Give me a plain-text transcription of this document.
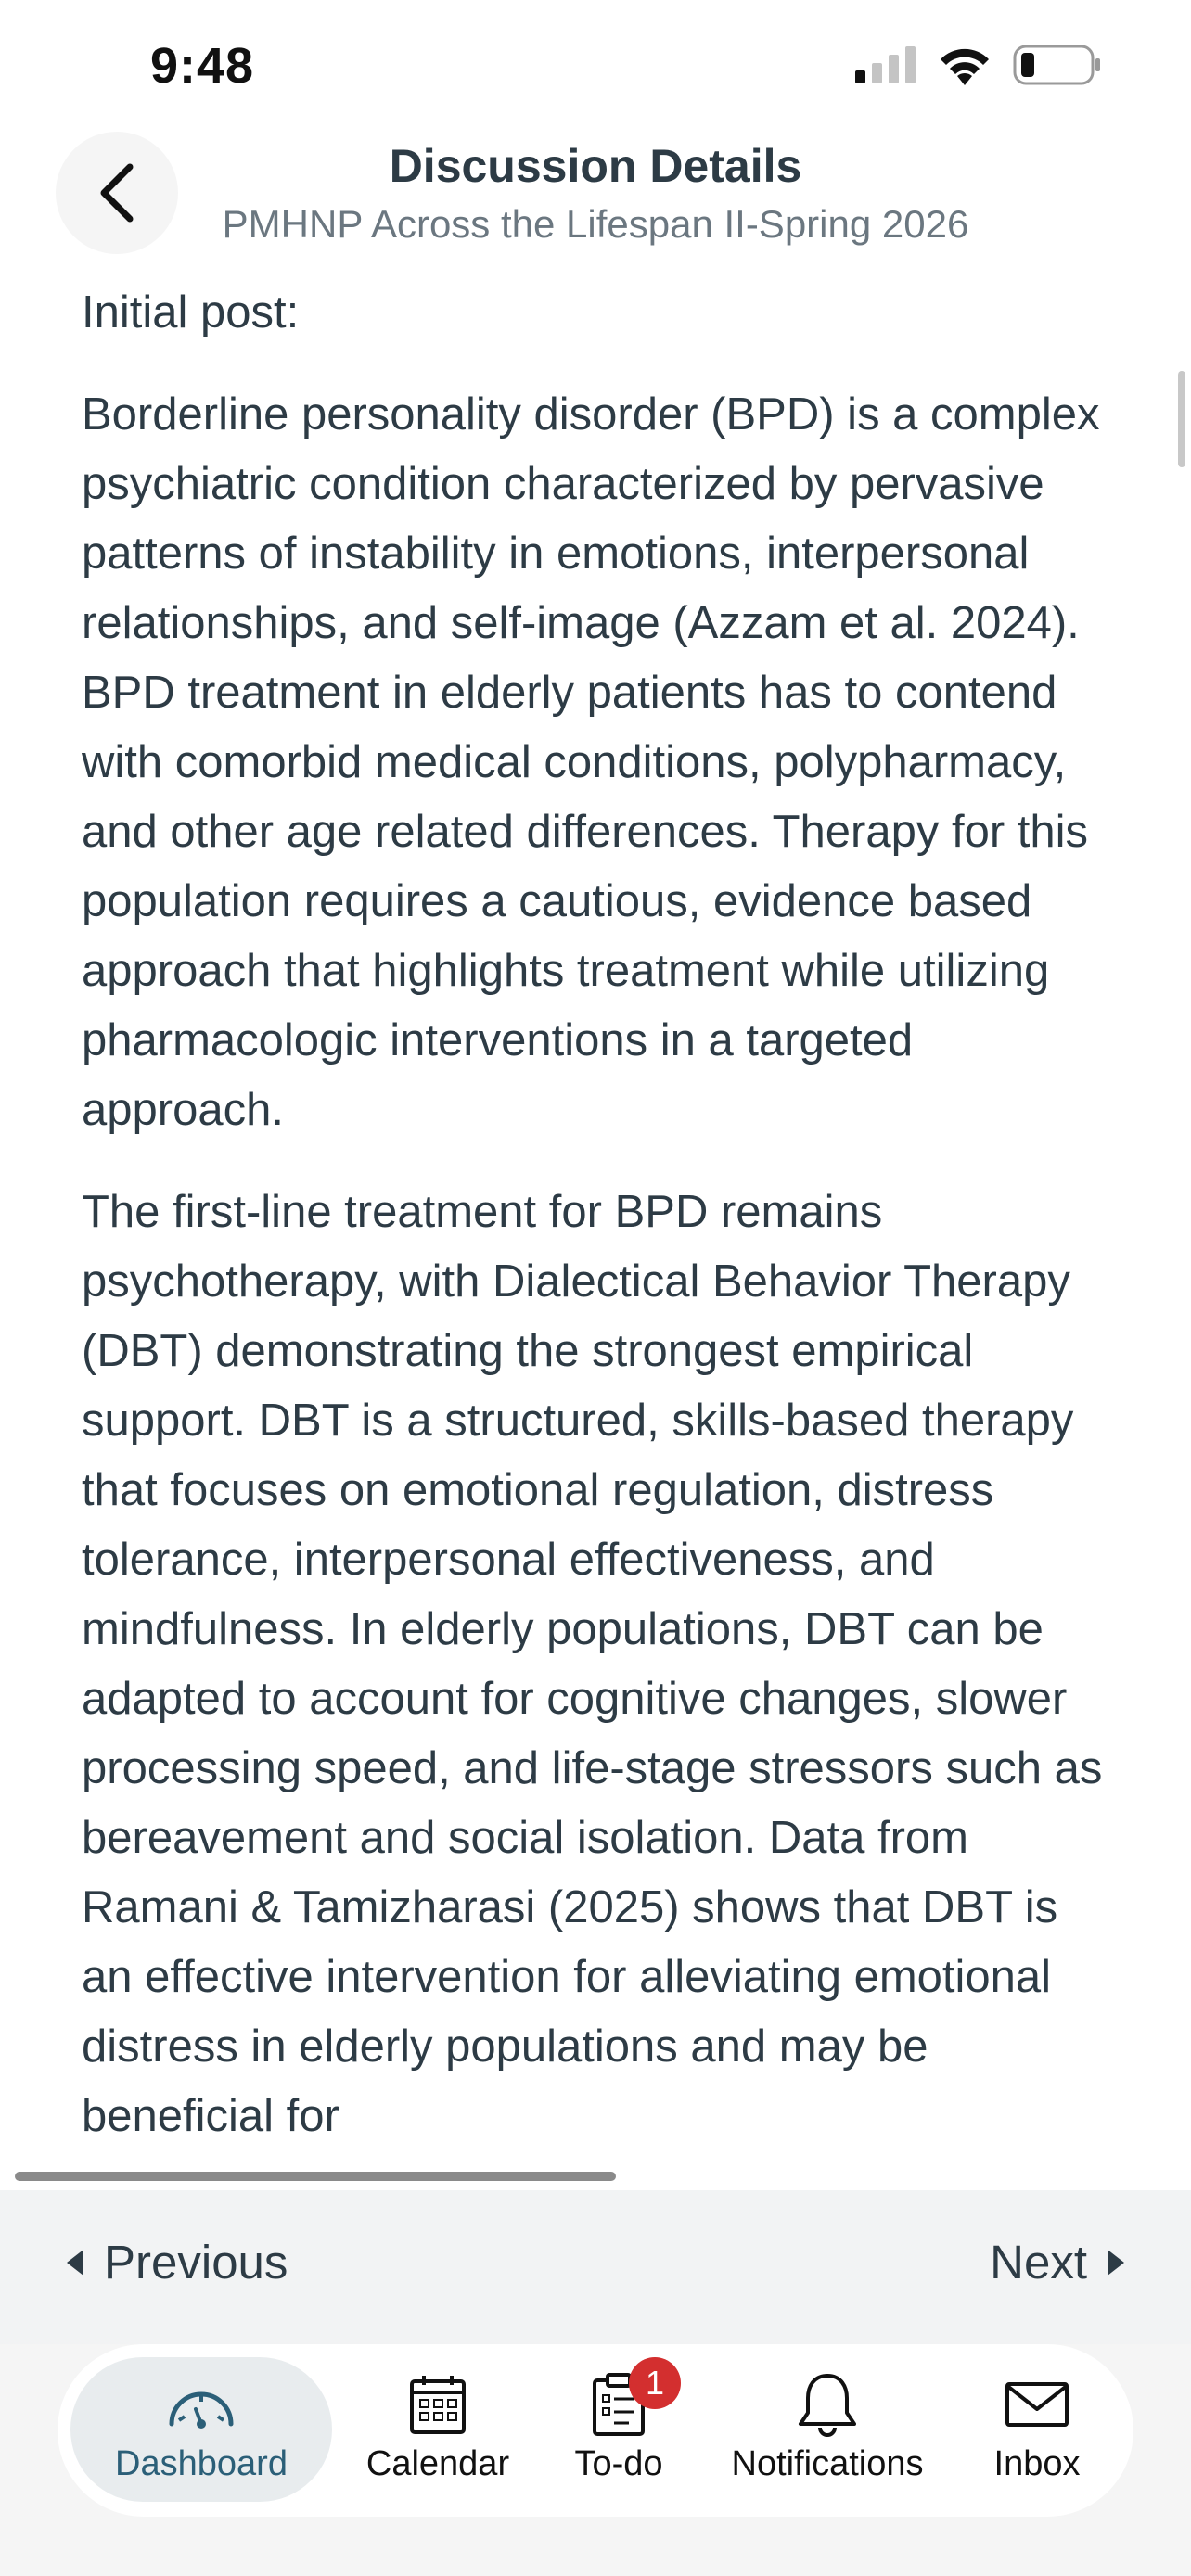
9:48
Discussion Details
PMHNP Across the Lifespan II-Spring 2026

Initial post:

Borderline personality disorder (BPD) is a complex psychiatric condition characterized by pervasive patterns of instability in emotions, interpersonal relationships, and self-image (Azzam et al. 2024). BPD treatment in elderly patients has to contend with comorbid medical conditions, polypharmacy, and other age related differences. Therapy for this population requires a cautious, evidence based approach that highlights treatment while utilizing pharmacologic interventions in a targeted approach.

The first-line treatment for BPD remains psychotherapy, with Dialectical Behavior Therapy (DBT) demonstrating the strongest empirical support. DBT is a structured, skills-based therapy that focuses on emotional regulation, distress tolerance, interpersonal effectiveness, and mindfulness. In elderly populations, DBT can be adapted to account for cognitive changes, slower processing speed, and life-stage stressors such as bereavement and social isolation. Data from Ramani & Tamizharasi (2025) shows that DBT is an effective intervention for alleviating emotional distress in elderly populations and may be beneficial for

Previous	Next
Dashboard Calendar
1
To-do Notifications Inbox
